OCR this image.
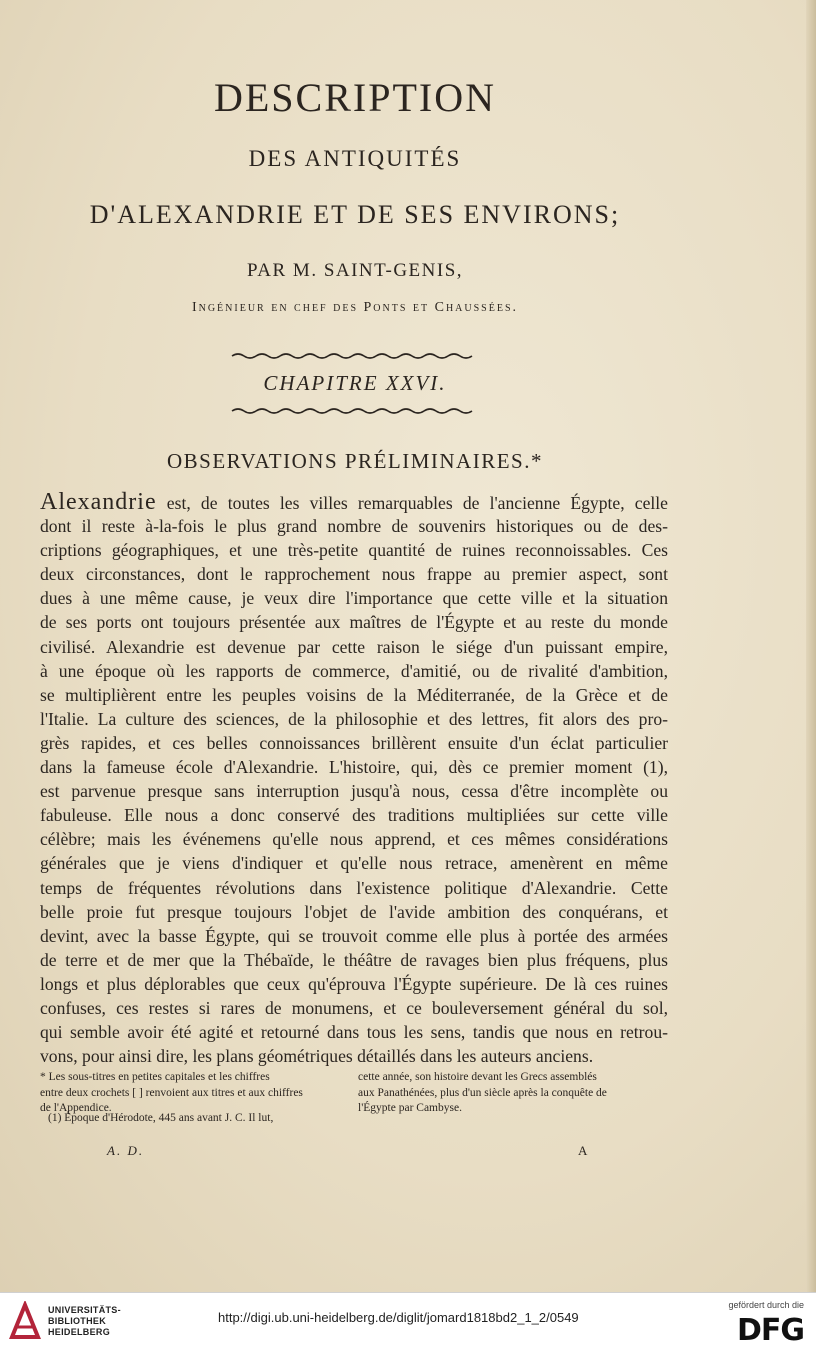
DESCRIPTION
DES ANTIQUITÉS
D'ALEXANDRIE ET DE SES ENVIRONS;
PAR M. SAINT-GENIS,
Ingénieur en chef des Ponts et Chaussées.
CHAPITRE XXVI.
OBSERVATIONS PRÉLIMINAIRES.*
Alexandrie est, de toutes les villes remarquables de l'ancienne Égypte, celle
dont il reste à-la-fois le plus grand nombre de souvenirs historiques ou de des-
criptions géographiques, et une très-petite quantité de ruines reconnoissables. Ces
deux circonstances, dont le rapprochement nous frappe au premier aspect, sont
dues à une même cause, je veux dire l'importance que cette ville et la situation
de ses ports ont toujours présentée aux maîtres de l'Égypte et au reste du monde
civilisé. Alexandrie est devenue par cette raison le siége d'un puissant empire,
à une époque où les rapports de commerce, d'amitié, ou de rivalité d'ambition,
se multiplièrent entre les peuples voisins de la Méditerranée, de la Grèce et de
l'Italie. La culture des sciences, de la philosophie et des lettres, fit alors des pro-
grès rapides, et ces belles connoissances brillèrent ensuite d'un éclat particulier
dans la fameuse école d'Alexandrie. L'histoire, qui, dès ce premier moment (1),
est parvenue presque sans interruption jusqu'à nous, cessa d'être incomplète ou
fabuleuse. Elle nous a donc conservé des traditions multipliées sur cette ville
célèbre; mais les événemens qu'elle nous apprend, et ces mêmes considérations
générales que je viens d'indiquer et qu'elle nous retrace, amenèrent en même
temps de fréquentes révolutions dans l'existence politique d'Alexandrie. Cette
belle proie fut presque toujours l'objet de l'avide ambition des conquérans, et
devint, avec la basse Égypte, qui se trouvoit comme elle plus à portée des armées
de terre et de mer que la Thébaïde, le théâtre de ravages bien plus fréquens, plus
longs et plus déplorables que ceux qu'éprouva l'Égypte supérieure. De là ces ruines
confuses, ces restes si rares de monumens, et ce bouleversement général du sol,
qui semble avoir été agité et retourné dans tous les sens, tandis que nous en retrou-
vons, pour ainsi dire, les plans géométriques détaillés dans les auteurs anciens.
* Les sous-titres en petites capitales et les chiffres
entre deux crochets [ ] renvoient aux titres et aux chiffres
de l'Appendice.
cette année, son histoire devant les Grecs assemblés
aux Panathénées, plus d'un siècle après la conquête de
l'Égypte par Cambyse.
(1) Époque d'Hérodote, 445 ans avant J. C. Il lut,
A. D.	A
UNIVERSITÄTS-
BIBLIOTHEK
HEIDELBERG
http://digi.ub.uni-heidelberg.de/diglit/jomard1818bd2_1_2/0549
gefördert durch die
DFG
